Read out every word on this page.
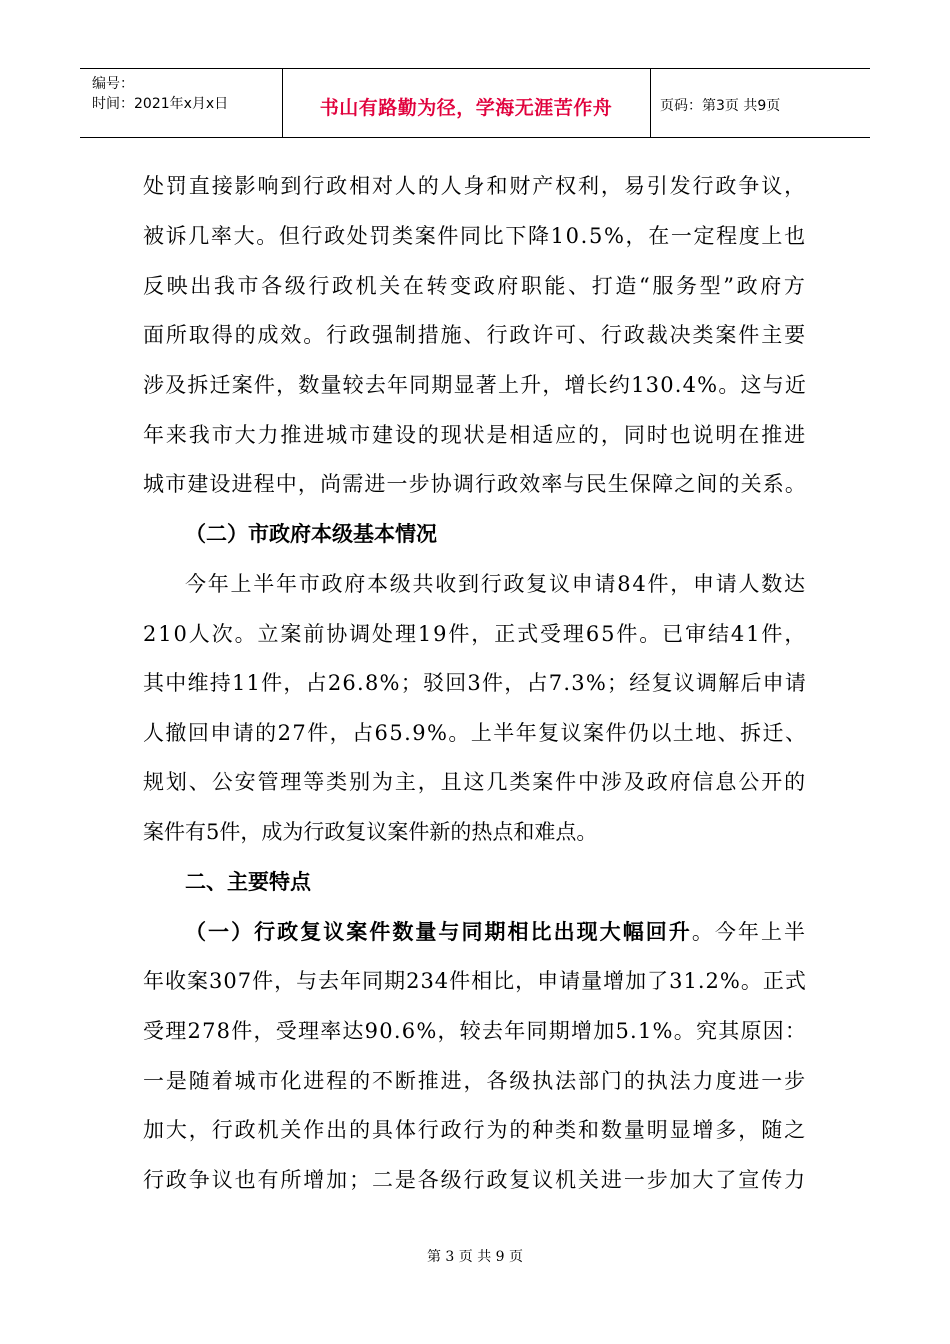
编号：
时间：2021年x月x日	书山有路勤为径，学海无涯苦作舟	页码：第3页 共9页
处罚直接影响到行政相对人的人身和财产权利，易引发行政争议，
被诉几率大。但行政处罚类案件同比下降10.5%，在一定程度上也
反映出我市各级行政机关在转变政府职能、打造“服务型”政府方
面所取得的成效。行政强制措施、行政许可、行政裁决类案件主要
涉及拆迁案件，数量较去年同期显著上升，增长约130.4%。这与近
年来我市大力推进城市建设的现状是相适应的，同时也说明在推进
城市建设进程中，尚需进一步协调行政效率与民生保障之间的关系。
（二）市政府本级基本情况
今年上半年市政府本级共收到行政复议申请84件，申请人数达
210人次。立案前协调处理19件，正式受理65件。已审结41件，
其中维持11件，占26.8%；驳回3件，占7.3%；经复议调解后申请
人撤回申请的27件，占65.9%。上半年复议案件仍以土地、拆迁、
规划、公安管理等类别为主，且这几类案件中涉及政府信息公开的
案件有5件，成为行政复议案件新的热点和难点。
二、主要特点
（一）行政复议案件数量与同期相比出现大幅回升。今年上半
年收案307件，与去年同期234件相比，申请量增加了31.2%。正式
受理278件，受理率达90.6%，较去年同期增加5.1%。究其原因：
一是随着城市化进程的不断推进，各级执法部门的执法力度进一步
加大，行政机关作出的具体行政行为的种类和数量明显增多，随之
行政争议也有所增加；二是各级行政复议机关进一步加大了宣传力
第 3 页 共 9 页
